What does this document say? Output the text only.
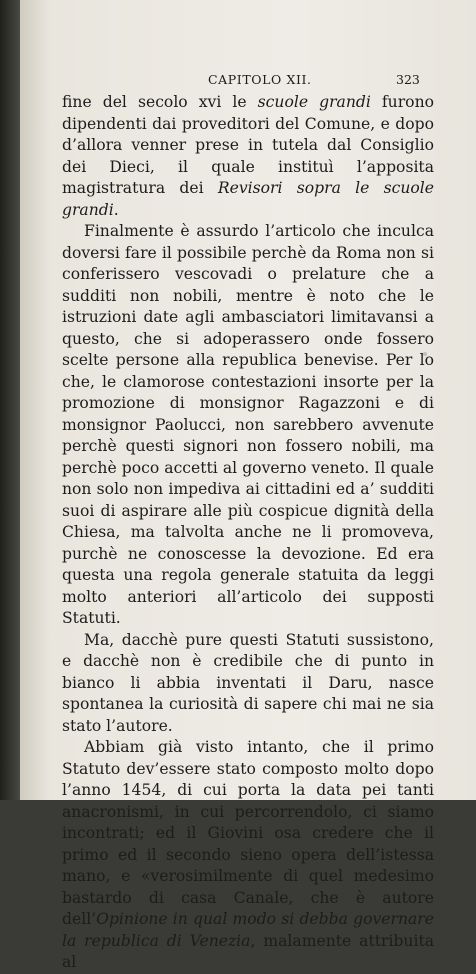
CAPITOLO XII.	323

fine del secolo xvi le scuole grandi furono dipendenti dai proveditori del Comune, e dopo d’allora venner prese in tutela dal Consiglio dei Dieci, il quale instituì l’apposita magistratura dei Revisori sopra le scuole grandi.

Finalmente è assurdo l’articolo che inculca doversi fare il possibile perchè da Roma non si conferissero vescovadi o prelature che a sudditi non nobili, mentre è noto che le istruzioni date agli ambasciatori limitavansi a questo, che si adoperassero onde fossero scelte persone alla republica benevise. Per lo che, le clamorose contestazioni insorte per la promozione di monsignor Ragazzoni e di monsignor Paolucci, non sarebbero avvenute perchè questi signori non fossero nobili, ma perchè poco accetti al governo veneto. Il quale non solo non impediva ai cittadini ed a’ sudditi suoi di aspirare alle più cospicue dignità della Chiesa, ma talvolta anche ne li promoveva, purchè ne conoscesse la devozione. Ed era questa una regola generale statuita da leggi molto anteriori all’articolo dei supposti Statuti.

Ma, dacchè pure questi Statuti sussistono, e dacchè non è credibile che di punto in bianco li abbia inventati il Daru, nasce spontanea la curiosità di sapere chi mai ne sia stato l’autore.

Abbiam già visto intanto, che il primo Statuto dev’essere stato composto molto dopo l’anno 1454, di cui porta la data pei tanti anacronismi, in cui percorrendolo, ci siamo incontrati; ed il Giovini osa credere che il primo ed il secondo sieno opera dell’istessa mano, e «verosimilmente di quel medesimo bastardo di casa Canale, che è autore dell’Opinione in qual modo si debba governare la republica di Venezia, malamente attribuita al
